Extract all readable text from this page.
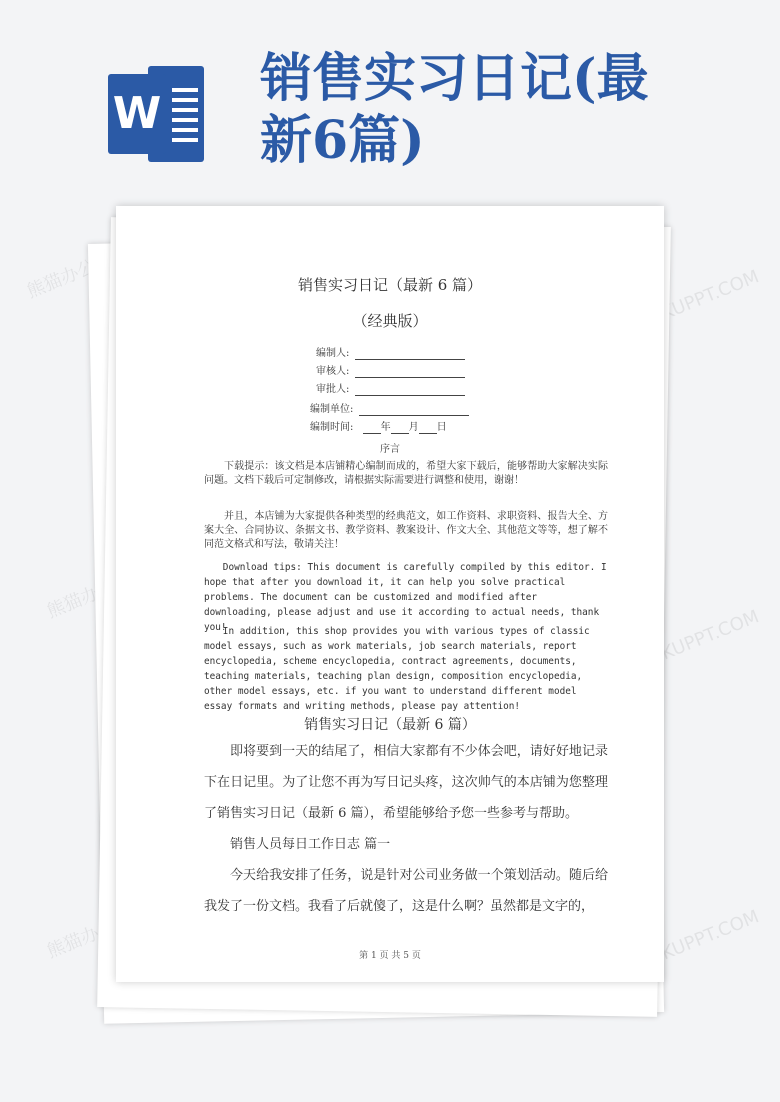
W
销售实习日记(最新6篇)
熊猫办公	TUKUPPT.COM
熊猫办公
TUKUPPT.COM
熊猫办公	TUKUPPT.COM
销售实习日记（最新 6 篇）
（经典版）
编制人:
审核人:
审批人:
编制单位:
编制时间:	年 月 日
序言
下载提示：该文档是本店铺精心编制而成的，希望大家下载后，能够帮助大家解决实际问题。文档下载后可定制修改，请根据实际需要进行调整和使用，谢谢！
并且，本店铺为大家提供各种类型的经典范文，如工作资料、求职资料、报告大全、方案大全、合同协议、条据文书、教学资料、教案设计、作文大全、其他范文等等，想了解不同范文格式和写法，敬请关注！
Download tips: This document is carefully compiled by this editor. I hope that after you download it, it can help you solve practical problems. The document can be customized and modified after downloading, please adjust and use it according to actual needs, thank you!
In addition, this shop provides you with various types of classic model essays, such as work materials, job search materials, report encyclopedia, scheme encyclopedia, contract agreements, documents, teaching materials, teaching plan design, composition encyclopedia, other model essays, etc. if you want to understand different model essay formats and writing methods, please pay attention!
销售实习日记（最新 6 篇）
即将要到一天的结尾了，相信大家都有不少体会吧，请好好地记录下在日记里。为了让您不再为写日记头疼，这次帅气的本店铺为您整理了销售实习日记（最新 6 篇），希望能够给予您一些参考与帮助。
销售人员每日工作日志 篇一
今天给我安排了任务，说是针对公司业务做一个策划活动。随后给我发了一份文档。我看了后就傻了，这是什么啊？虽然都是文字的，
第 1 页 共 5 页
